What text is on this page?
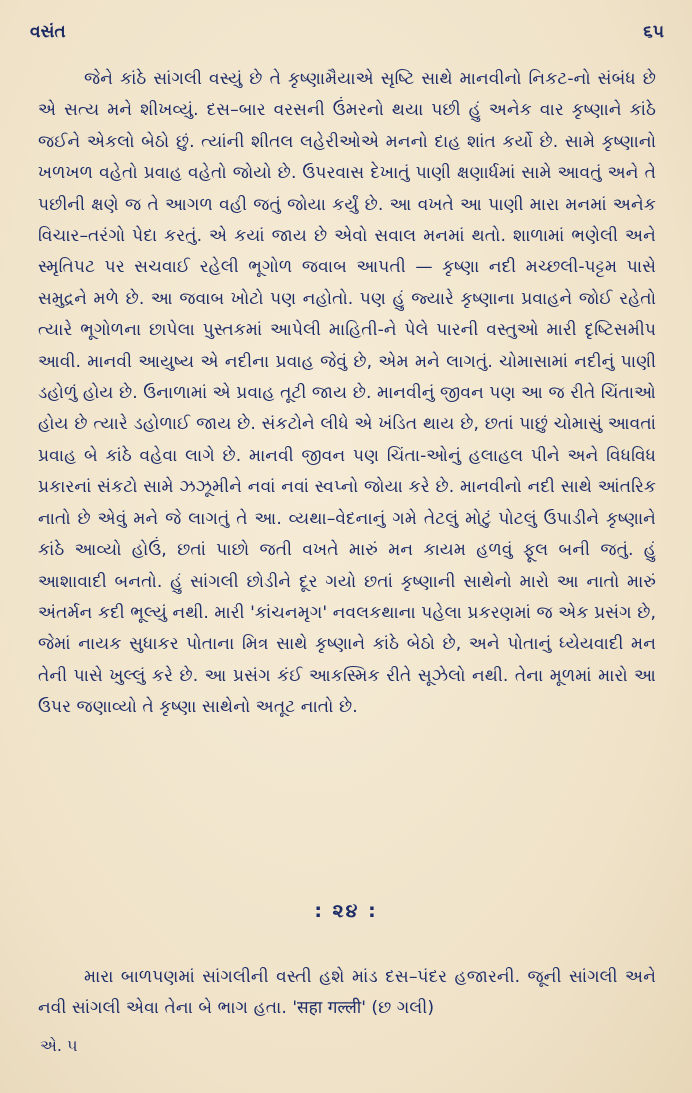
વસંત	૬૫

જેને કાંઠે સાંગલી વસ્યું છે તે કૃષ્ણામૈયાએ સૃષ્ટિ સાથે માનવીનો નિકટ-નો સંબંધ છે એ સત્ય મને શીખવ્યું. દસ–બાર વરસની ઉંમરનો થયા પછી હું અનેક વાર કૃષ્ણાને કાંઠે જઈને એકલો બેઠો છું. ત્યાંની શીતલ લહેરીઓએ મનનો દાહ શાંત કર્યો છે. સામે કૃષ્ણાનો ખળખળ વહેતો પ્રવાહ વહેતો જોયો છે. ઉપરવાસ દેખાતું પાણી ક્ષણાર્ધમાં સામે આવતું અને તે પછીની ક્ષણે જ તે આગળ વહી જતું જોયા કર્યું છે. આ વખતે આ પાણી મારા મનમાં અનેક વિચાર–તરંગો પેદા કરતું. એ કયાં જાય છે એવો સવાલ મનમાં થતો. શાળામાં ભણેલી અને સ્મૃતિપટ પર સચવાઈ રહેલી ભૂગોળ જવાબ આપતી — કૃષ્ણા નદી મચ્છલી-પટ્ટમ પાસે સમુદ્રને મળે છે. આ જવાબ ખોટો પણ નહોતો. પણ હું જ્યારે કૃષ્ણાના પ્રવાહને જોઈ રહેતો ત્યારે ભૂગોળના છાપેલા પુસ્તકમાં આપેલી માહિતી-ને પેલે પારની વસ્તુઓ મારી દૃષ્ટિસમીપ આવી. માનવી આયુષ્ય એ નદીના પ્રવાહ જેવું છે, એમ મને લાગતું. ચોમાસામાં નદીનું પાણી ડહોળું હોય છે. ઉનાળામાં એ પ્રવાહ તૂટી જાય છે. માનવીનું જીવન પણ આ જ રીતે ચિંતાઓ હોય છે ત્યારે ડહોળાઈ જાય છે. સંકટોને લીધે એ ખંડિત થાય છે, છતાં પાછું ચોમાસું આવતાં પ્રવાહ બે કાંઠે વહેવા લાગે છે. માનવી જીવન પણ ચિંતા-ઓનું હલાહલ પીને અને વિધવિધ પ્રકારનાં સંકટો સામે ઝઝૂમીને નવાં નવાં સ્વપ્નો જોયા કરે છે. માનવીનો નદી સાથે આંતરિક નાતો છે એવું મને જે લાગતું તે આ. વ્યથા–વેદનાનું ગમે તેટલું મોટું પોટલું ઉપાડીને કૃષ્ણાને કાંઠે આવ્યો હોઉં, છતાં પાછો જતી વખતે મારું મન કાયમ હળવું ફૂલ બની જતું. હું આશાવાદી બનતો. હું સાંગલી છોડીને દૂર ગયો છતાં કૃષ્ણાની સાથેનો મારો આ નાતો મારું અંતર્મન કદી ભૂલ્યું નથી. મારી 'કાંચનમૃગ' નવલકથાના પહેલા પ્રકરણમાં જ એક પ્રસંગ છે, જેમાં નાયક સુધાકર પોતાના મિત્ર સાથે કૃષ્ણાને કાંઠે બેઠો છે, અને પોતાનું ધ્યેયવાદી મન તેની પાસે ખુલ્લું કરે છે. આ પ્રસંગ કંઈ આકસ્મિક રીતે સૂઝેલો નથી. તેના મૂળમાં મારો આ ઉપર જણાવ્યો તે કૃષ્ણા સાથેનો અતૂટ નાતો છે.

: ૨૪ :

મારા બાળપણમાં સાંગલીની વસ્તી હશે માંડ દસ–પંદર હજારની. જૂની સાંગલી અને નવી સાંગલી એવા તેના બે ભાગ હતા. 'सहा गल्ली' (છ ગલી)

એ. ૫
